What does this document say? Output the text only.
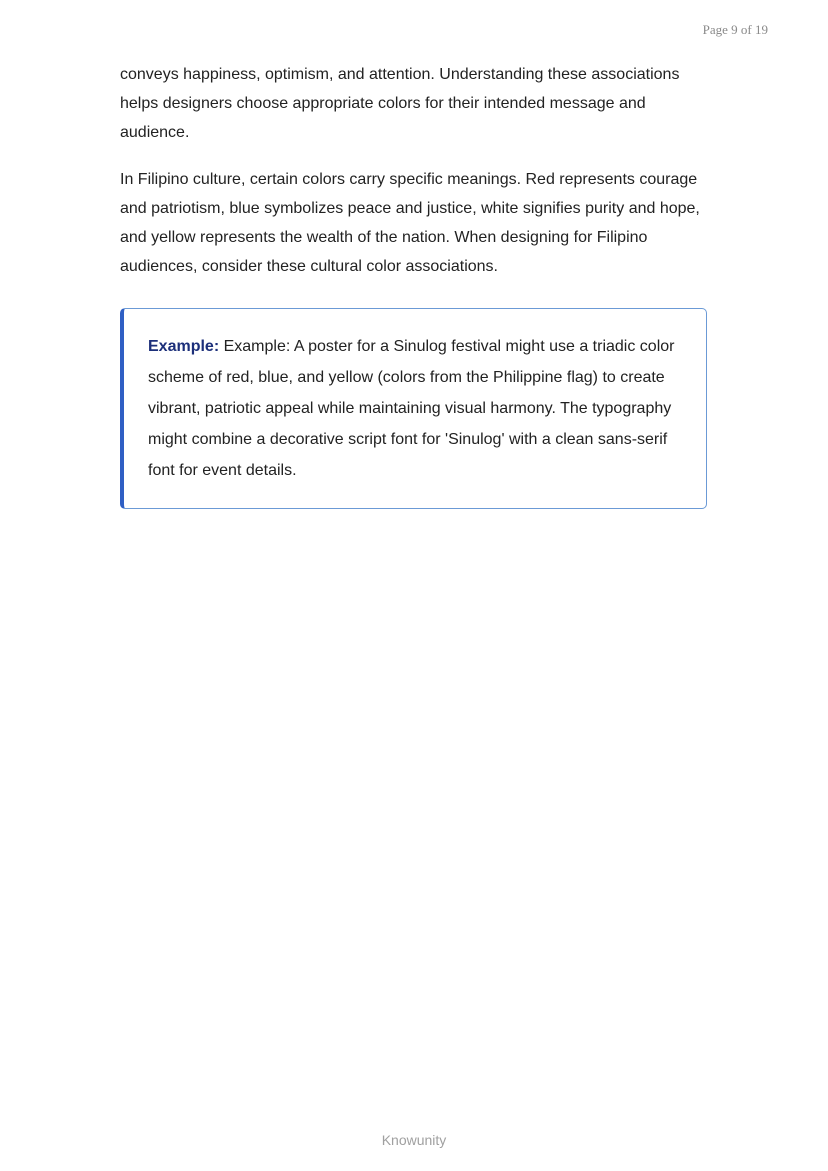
Page 9 of 19

conveys happiness, optimism, and attention. Understanding these associations helps designers choose appropriate colors for their intended message and audience.

In Filipino culture, certain colors carry specific meanings. Red represents courage and patriotism, blue symbolizes peace and justice, white signifies purity and hope, and yellow represents the wealth of the nation. When designing for Filipino audiences, consider these cultural color associations.

Example: Example: A poster for a Sinulog festival might use a triadic color scheme of red, blue, and yellow (colors from the Philippine flag) to create vibrant, patriotic appeal while maintaining visual harmony. The typography might combine a decorative script font for 'Sinulog' with a clean sans-serif font for event details.

Knowunity
